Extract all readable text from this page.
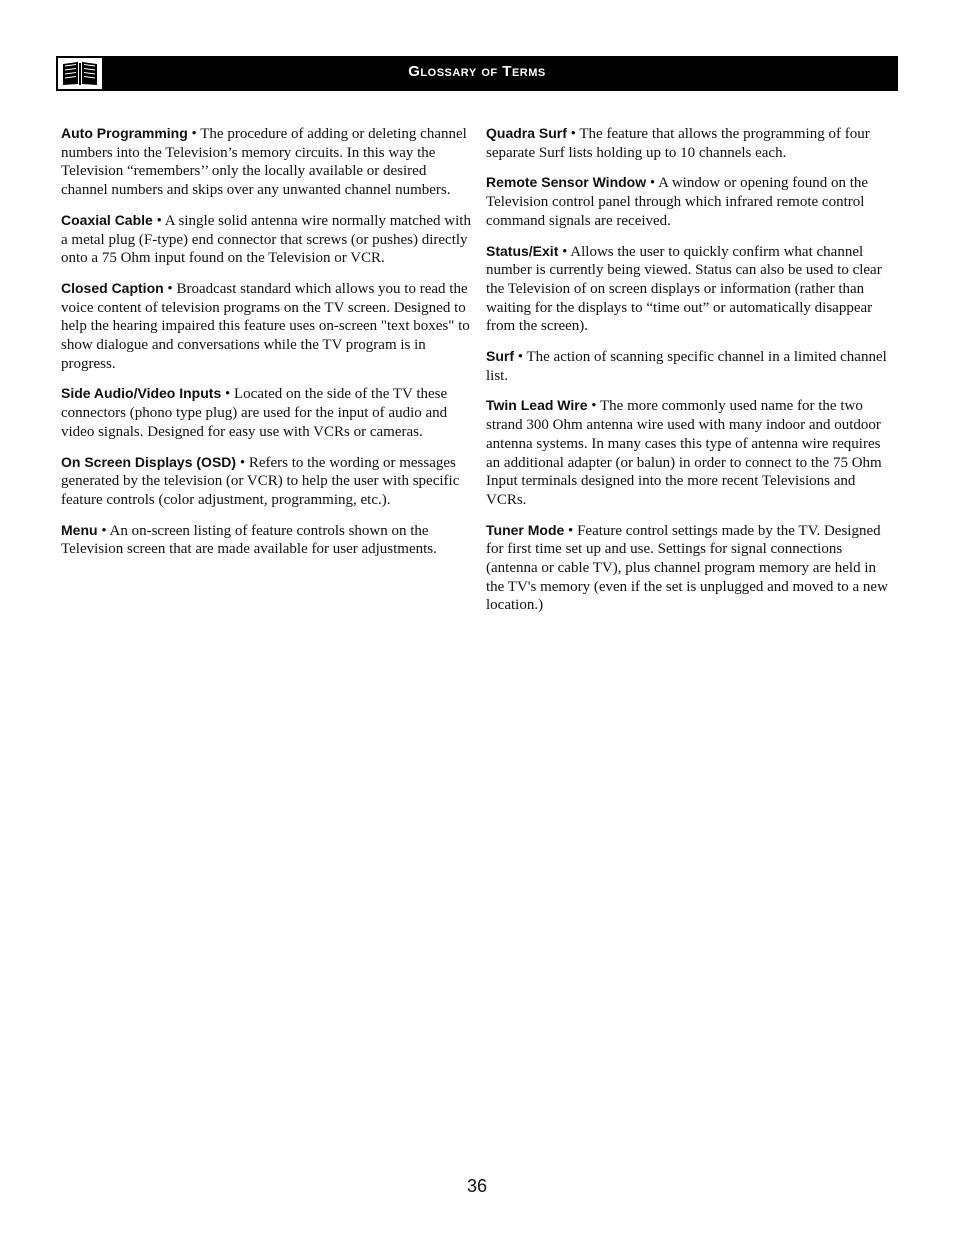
Glossary of Terms

Auto Programming • The procedure of adding or deleting channel numbers into the Television’s memory circuits. In this way the Television “remembers’’ only the locally available or desired channel numbers and skips over any unwanted channel numbers.

Coaxial Cable • A single solid antenna wire normally matched with a metal plug (F-type) end connector that screws (or pushes) directly onto a 75 Ohm input found on the Television or VCR.

Closed Caption • Broadcast standard which allows you to read the voice content of television programs on the TV screen. Designed to help the hearing impaired this feature uses on-screen "text boxes" to show dialogue and conversations while the TV program is in progress.

Side Audio/Video Inputs • Located on the side of the TV these connectors (phono type plug) are used for the input of audio and video signals. Designed for easy use with VCRs or cameras.

On Screen Displays (OSD) • Refers to the wording or messages generated by the television (or VCR) to help the user with specific feature controls (color adjustment, programming, etc.).

Menu • An on-screen listing of feature controls shown on the Television screen that are made available for user adjustments.

Quadra Surf • The feature that allows the programming of four separate Surf lists holding up to 10 channels each.

Remote Sensor Window • A window or opening found on the Television control panel through which infrared remote control command signals are received.

Status/Exit • Allows the user to quickly confirm what channel number is currently being viewed. Status can also be used to clear the Television of on screen displays or information (rather than waiting for the displays to “time out” or automatically disappear from the screen).

Surf • The action of scanning specific channel in a limited channel list.

Twin Lead Wire • The more commonly used name for the two strand 300 Ohm antenna wire used with many indoor and outdoor antenna systems. In many cases this type of antenna wire requires an additional adapter (or balun) in order to connect to the 75 Ohm Input terminals designed into the more recent Televisions and VCRs.

Tuner Mode • Feature control settings made by the TV. Designed for first time set up and use. Settings for signal connections (antenna or cable TV), plus channel program memory are held in the TV's memory (even if the set is unplugged and moved to a new location.)

36
